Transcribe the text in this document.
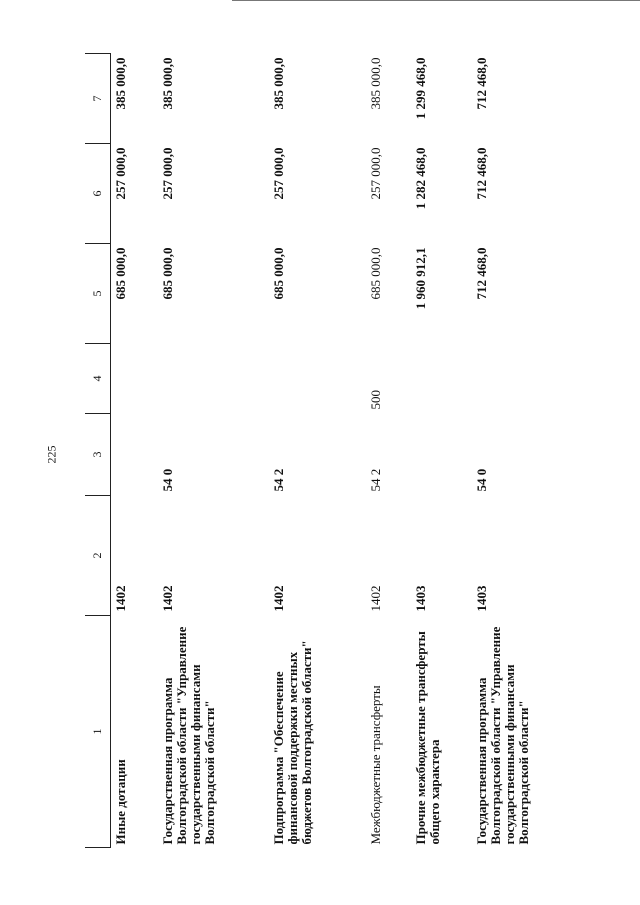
225
1	2	3	4	5	6	7
Иные дотации	1402			685 000,0	257 000,0	385 000,0
Государственная программа Волгоградской области "Управление государственными финансами Волгоградской области"	1402	54 0		685 000,0	257 000,0	385 000,0
Подпрограмма "Обеспечение финансовой поддержки местных бюджетов Волгоградской области"	1402	54 2		685 000,0	257 000,0	385 000,0
Межбюджетные трансферты	1402	54 2	500	685 000,0	257 000,0	385 000,0
Прочие межбюджетные трансферты общего характера	1403			1 960 912,1	1 282 468,0	1 299 468,0
Государственная программа Волгоградской области "Управление государственными финансами Волгоградской области"	1403	54 0		712 468,0	712 468,0	712 468,0
